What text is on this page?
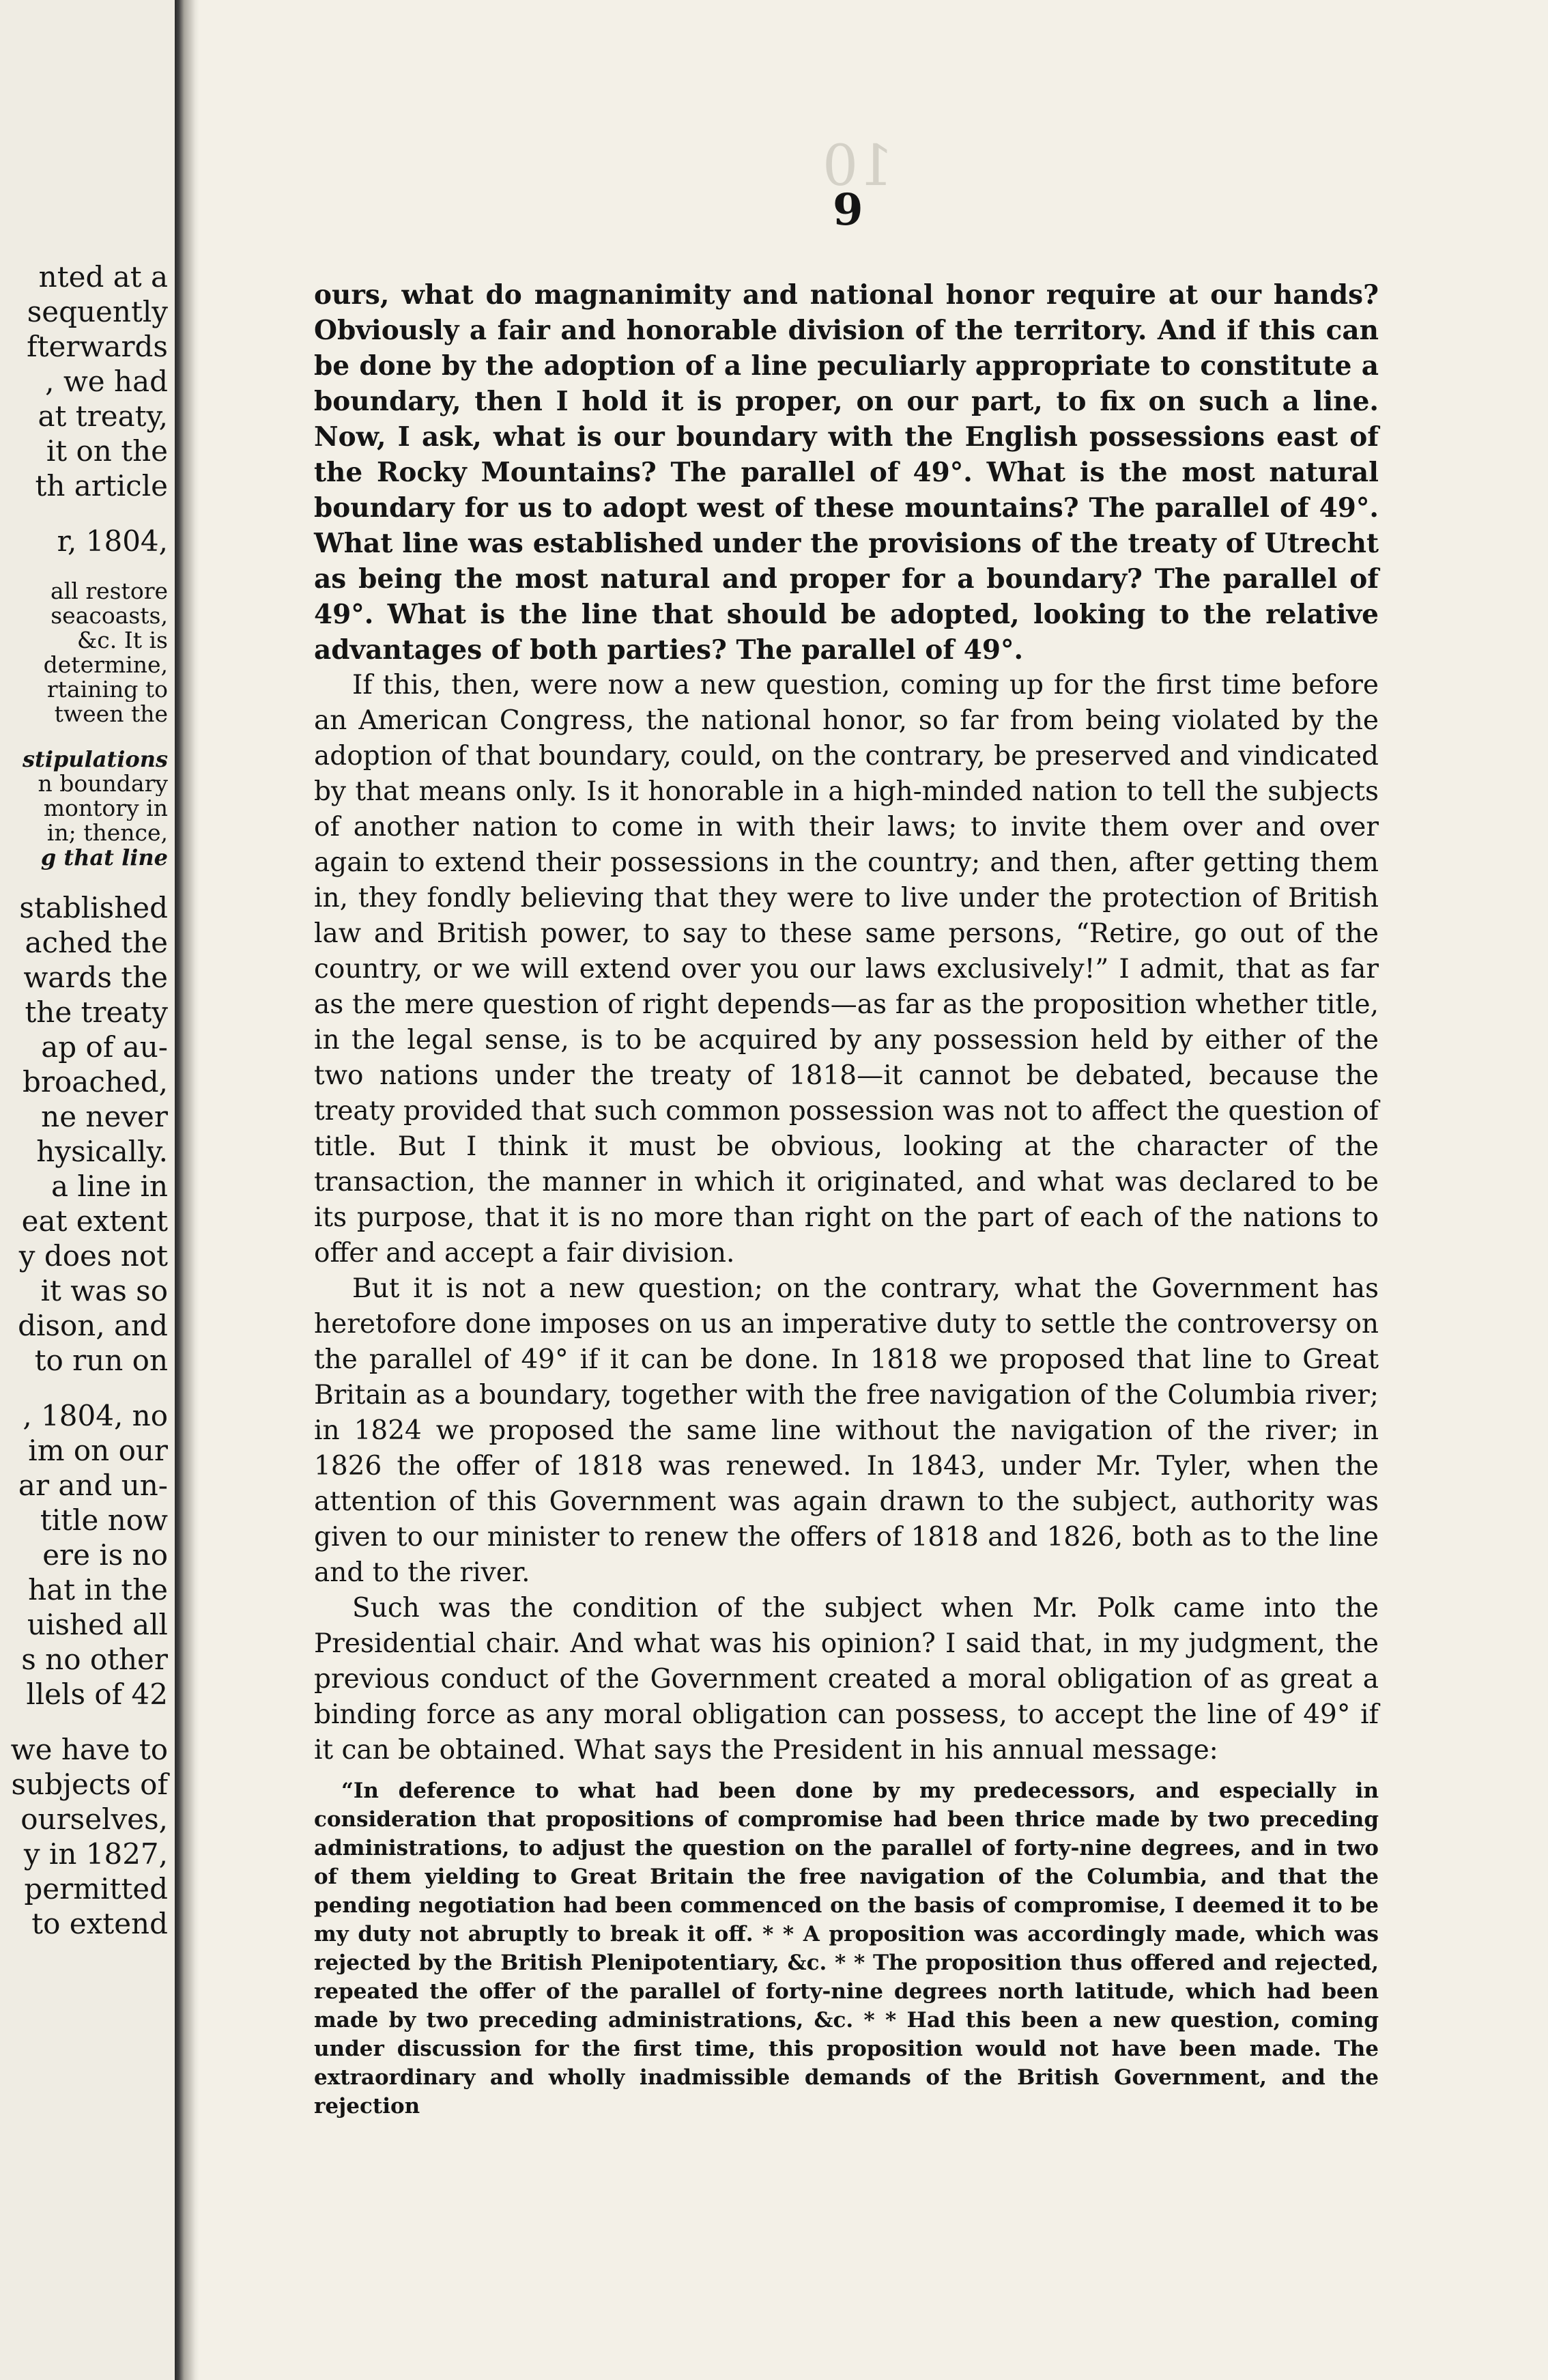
nted at a
sequently
fterwards
, we had
at treaty,
it on the
th article
r, 1804,
all restore
seacoasts,
&c. It is
determine,
rtaining to
tween the
stipulations
n boundary
montory in
in; thence,
g that line
stablished
ached the
wards the
the treaty
ap of au-
broached,
ne never
hysically.
a line in
eat extent
y does not
it was so
dison, and
to run on
, 1804, no
im on our
ar and un-
title now
ere is no
hat in the
uished all
s no other
llels of 42
we have to
subjects of
ourselves,
y in 1827,
permitted
to extend
10
9

ours, what do magnanimity and national honor require at our hands? Obviously a fair and honorable division of the territory. And if this can be done by the adoption of a line peculiarly appropriate to constitute a boundary, then I hold it is proper, on our part, to fix on such a line. Now, I ask, what is our boundary with the English possessions east of the Rocky Mountains? The parallel of 49°. What is the most natural boundary for us to adopt west of these mountains? The parallel of 49°. What line was established under the provisions of the treaty of Utrecht as being the most natural and proper for a boundary? The parallel of 49°. What is the line that should be adopted, looking to the relative advantages of both parties? The parallel of 49°.

If this, then, were now a new question, coming up for the first time before an American Congress, the national honor, so far from being violated by the adoption of that boundary, could, on the contrary, be preserved and vindicated by that means only. Is it honorable in a high-minded nation to tell the subjects of another nation to come in with their laws; to invite them over and over again to extend their possessions in the country; and then, after getting them in, they fondly believing that they were to live under the protection of British law and British power, to say to these same persons, “Retire, go out of the country, or we will extend over you our laws exclusively!” I admit, that as far as the mere question of right depends—as far as the proposition whether title, in the legal sense, is to be acquired by any possession held by either of the two nations under the treaty of 1818—it cannot be debated, because the treaty provided that such common possession was not to affect the question of title. But I think it must be obvious, looking at the character of the transaction, the manner in which it originated, and what was declared to be its purpose, that it is no more than right on the part of each of the nations to offer and accept a fair division.

But it is not a new question; on the contrary, what the Government has heretofore done imposes on us an imperative duty to settle the controversy on the parallel of 49° if it can be done. In 1818 we proposed that line to Great Britain as a boundary, together with the free navigation of the Columbia river; in 1824 we proposed the same line without the navigation of the river; in 1826 the offer of 1818 was renewed. In 1843, under Mr. Tyler, when the attention of this Government was again drawn to the subject, authority was given to our minister to renew the offers of 1818 and 1826, both as to the line and to the river.

Such was the condition of the subject when Mr. Polk came into the Presidential chair. And what was his opinion? I said that, in my judgment, the previous conduct of the Government created a moral obligation of as great a binding force as any moral obligation can possess, to accept the line of 49° if it can be obtained. What says the President in his annual message:

“In deference to what had been done by my predecessors, and especially in consideration that propositions of compromise had been thrice made by two preceding administrations, to adjust the question on the parallel of forty-nine degrees, and in two of them yielding to Great Britain the free navigation of the Columbia, and that the pending negotiation had been commenced on the basis of compromise, I deemed it to be my duty not abruptly to break it off. * * A proposition was accordingly made, which was rejected by the British Plenipotentiary, &c. * * The proposition thus offered and rejected, repeated the offer of the parallel of forty-nine degrees north latitude, which had been made by two preceding administrations, &c. * * Had this been a new question, coming under discussion for the first time, this proposition would not have been made. The extraordinary and wholly inadmissible demands of the British Government, and the rejection
